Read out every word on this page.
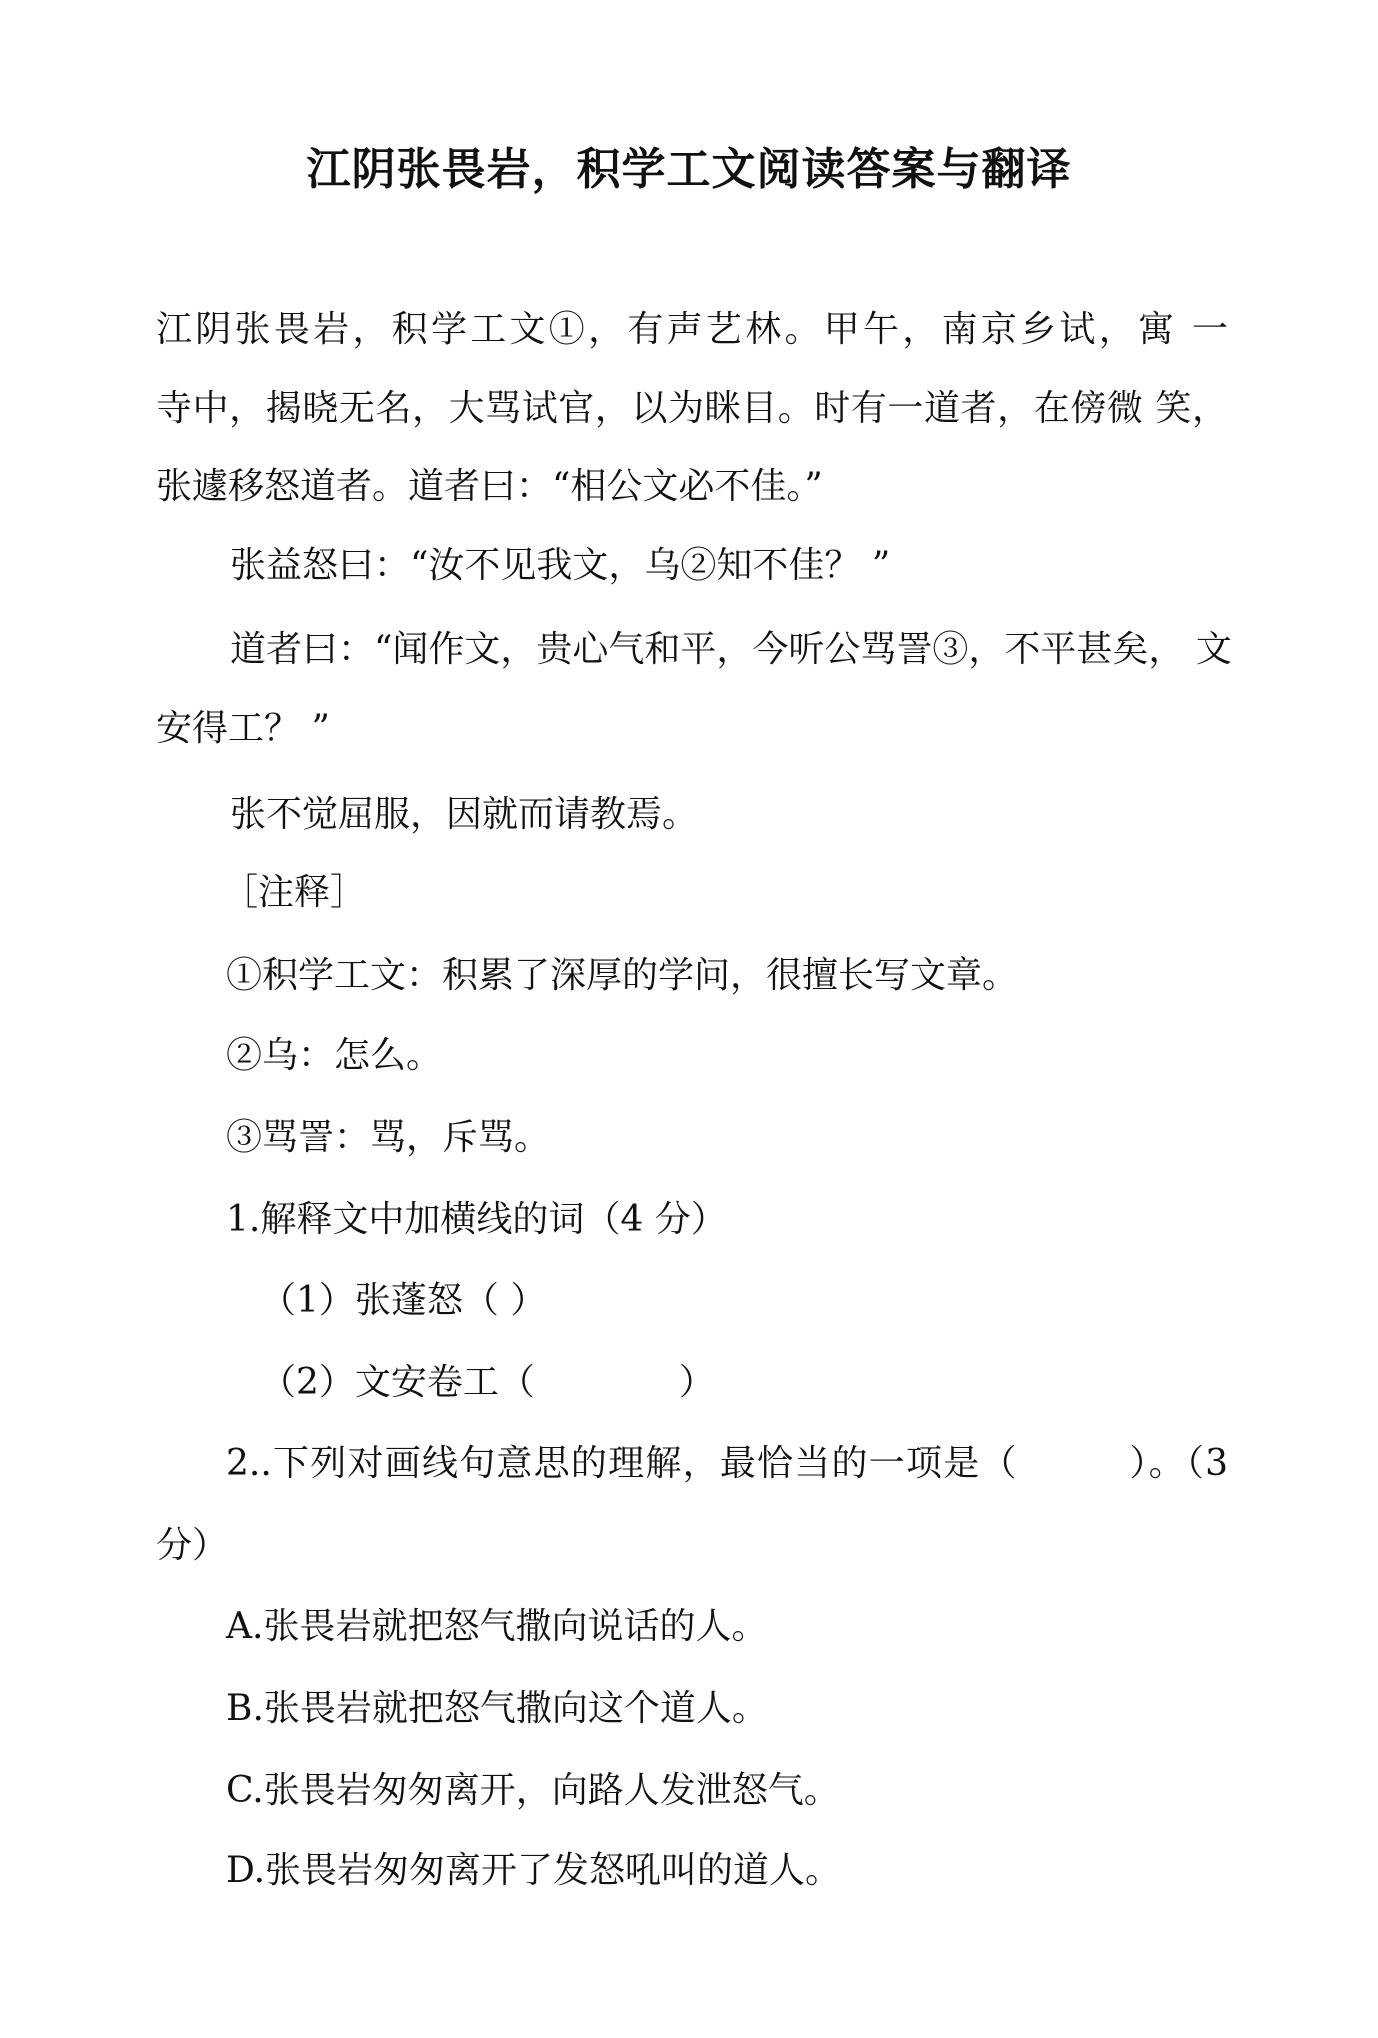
江阴张畏岩，积学工文阅读答案与翻译
江阴张畏岩，积学工文①，有声艺林。甲午，南京乡试，寓 一
寺中，揭晓无名，大骂试官，以为眯目。时有一道者，在傍微 笑，
张遽移怒道者。道者曰：“相公文必不佳。”
张益怒曰：“汝不见我文，乌②知不佳？ ”
道者曰：“闻作文，贵心气和平，今听公骂詈③，不平甚矣， 文
安得工？ ”
张不觉屈服，因就而请教焉。
［注释］
①积学工文：积累了深厚的学问，很擅长写文章。
②乌：怎么。
③骂詈：骂，斥骂。
1.解释文中加横线的词（4 分）
（1）张蓬怒（ ）
（2）文安卷工（　　　　）
2..下列对画线句意思的理解，最恰当的一项是（　　　）。（3
分）
A.张畏岩就把怒气撒向说话的人。
B.张畏岩就把怒气撒向这个道人。
C.张畏岩匆匆离开，向路人发泄怒气。
D.张畏岩匆匆离开了发怒吼叫的道人。
